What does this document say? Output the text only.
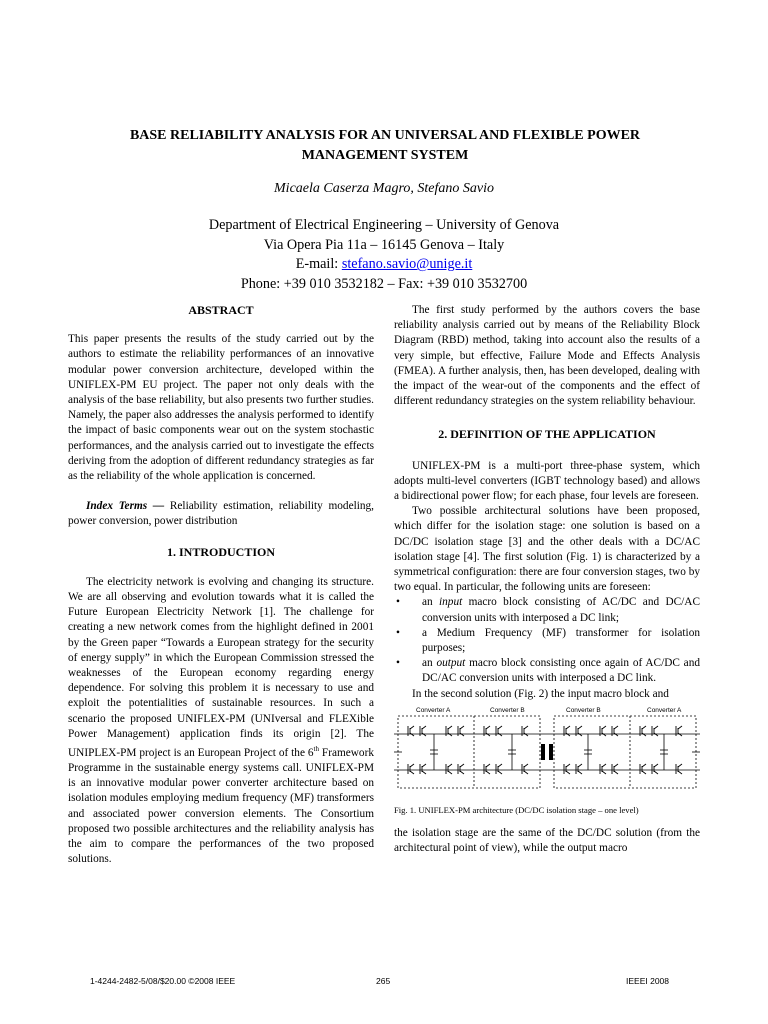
BASE RELIABILITY ANALYSIS FOR AN UNIVERSAL AND FLEXIBLE POWER MANAGEMENT SYSTEM

Micaela Caserza Magro, Stefano Savio

Department of Electrical Engineering – University of Genova
Via Opera Pia 11a – 16145 Genova – Italy
E-mail: stefano.savio@unige.it
Phone: +39 010 3532182 – Fax: +39 010 3532700

ABSTRACT

This paper presents the results of the study carried out by the authors to estimate the reliability performances of an innovative modular power conversion architecture, developed within the UNIFLEX-PM EU project. The paper not only deals with the analysis of the base reliability, but also presents two further studies. Namely, the paper also addresses the analysis performed to identify the impact of basic components wear out on the system stochastic performances, and the analysis carried out to investigate the effects deriving from the adoption of different redundancy strategies as far as the reliability of the whole application is concerned.

Index Terms — Reliability estimation, reliability modeling, power conversion, power distribution

1. INTRODUCTION

The electricity network is evolving and changing its structure. We are all observing and evolution towards what it is called the Future European Electricity Network [1]. The challenge for creating a new network comes from the highlight defined in 2001 by the Green paper “Towards a European strategy for the security of energy supply” in which the European Commission stressed the weaknesses of the European economy regarding energy dependence. For solving this problem it is necessary to use and exploit the potentialities of sustainable resources. In such a scenario the proposed UNIFLEX-PM (UNIversal and FLEXible Power Management) application finds its origin [2]. The UNIPLEX-PM project is an European Project of the 6th Framework Programme in the sustainable energy systems call. UNIFLEX-PM is an innovative modular power converter architecture based on isolation modules employing medium frequency (MF) transformers and associated power conversion elements. The Consortium proposed two possible architectures and the reliability analysis has the aim to compare the performances of the two proposed solutions.

The first study performed by the authors covers the base reliability analysis carried out by means of the Reliability Block Diagram (RBD) method, taking into account also the results of a very simple, but effective, Failure Mode and Effects Analysis (FMEA). A further analysis, then, has been developed, dealing with the impact of the wear-out of the components and the effect of different redundancy strategies on the system reliability behaviour.

2. DEFINITION OF THE APPLICATION

UNIFLEX-PM is a multi-port three-phase system, which adopts multi-level converters (IGBT technology based) and allows a bidirectional power flow; for each phase, four levels are foreseen.

Two possible architectural solutions have been proposed, which differ for the isolation stage: one solution is based on a DC/DC isolation stage [3] and the other deals with a DC/AC isolation stage [4]. The first solution (Fig. 1) is characterized by a symmetrical configuration: there are four conversion stages, two by two equal. In particular, the following units are foreseen:

• an input macro block consisting of AC/DC and DC/AC conversion units with interposed a DC link;
• a Medium Frequency (MF) transformer for isolation purposes;
• an output macro block consisting once again of AC/DC and DC/AC conversion units with interposed a DC link.

In the second solution (Fig. 2) the input macro block and

Converter A	Converter B	Converter B	Converter A

Fig. 1. UNIFLEX-PM architecture (DC/DC isolation stage – one level)

the isolation stage are the same of the DC/DC solution (from the architectural point of view), while the output macro

1-4244-2482-5/08/$20.00 ©2008 IEEE	265	IEEEI 2008
